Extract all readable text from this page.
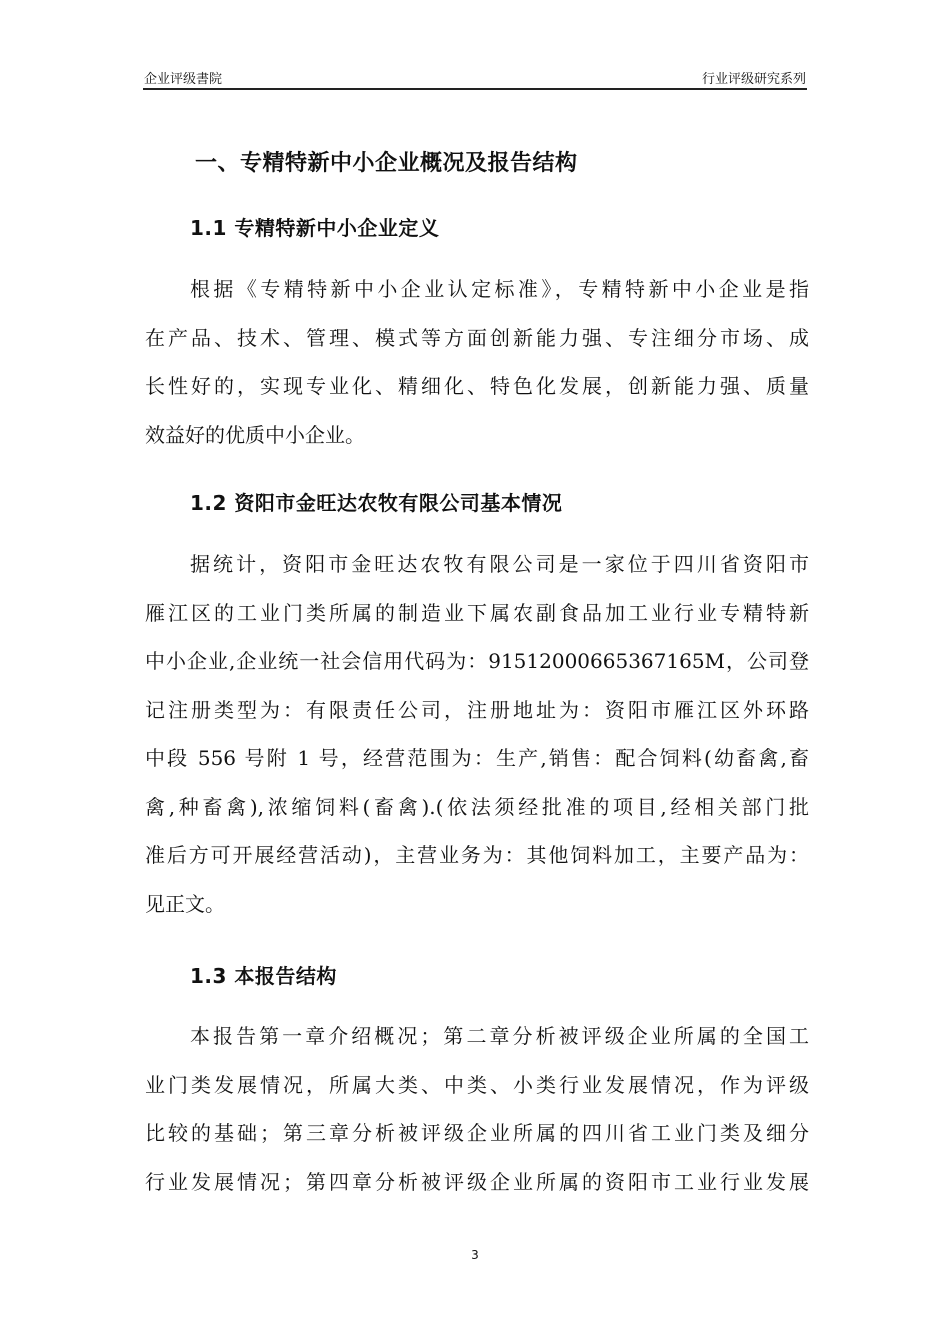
企业评级書院	行业评级研究系列
一、专精特新中小企业概况及报告结构
1.1 专精特新中小企业定义
根据《专精特新中小企业认定标准》，专精特新中小企业是指
在产品、技术、管理、模式等方面创新能力强、专注细分市场、成
长性好的，实现专业化、精细化、特色化发展，创新能力强、质量
效益好的优质中小企业。
1.2 资阳市金旺达农牧有限公司基本情况
据统计，资阳市金旺达农牧有限公司是一家位于四川省资阳市
雁江区的工业门类所属的制造业下属农副食品加工业行业专精特新
中小企业,企业统一社会信用代码为：91512000665367165M，公司登
记注册类型为：有限责任公司，注册地址为：资阳市雁江区外环路
中段 556 号附 1 号，经营范围为：生产,销售：配合饲料(幼畜禽,畜
禽,种畜禽),浓缩饲料(畜禽).(依法须经批准的项目,经相关部门批
准后方可开展经营活动)，主营业务为：其他饲料加工，主要产品为：
见正文。
1.3 本报告结构
本报告第一章介绍概况；第二章分析被评级企业所属的全国工
业门类发展情况，所属大类、中类、小类行业发展情况，作为评级
比较的基础；第三章分析被评级企业所属的四川省工业门类及细分
行业发展情况；第四章分析被评级企业所属的资阳市工业行业发展
3
